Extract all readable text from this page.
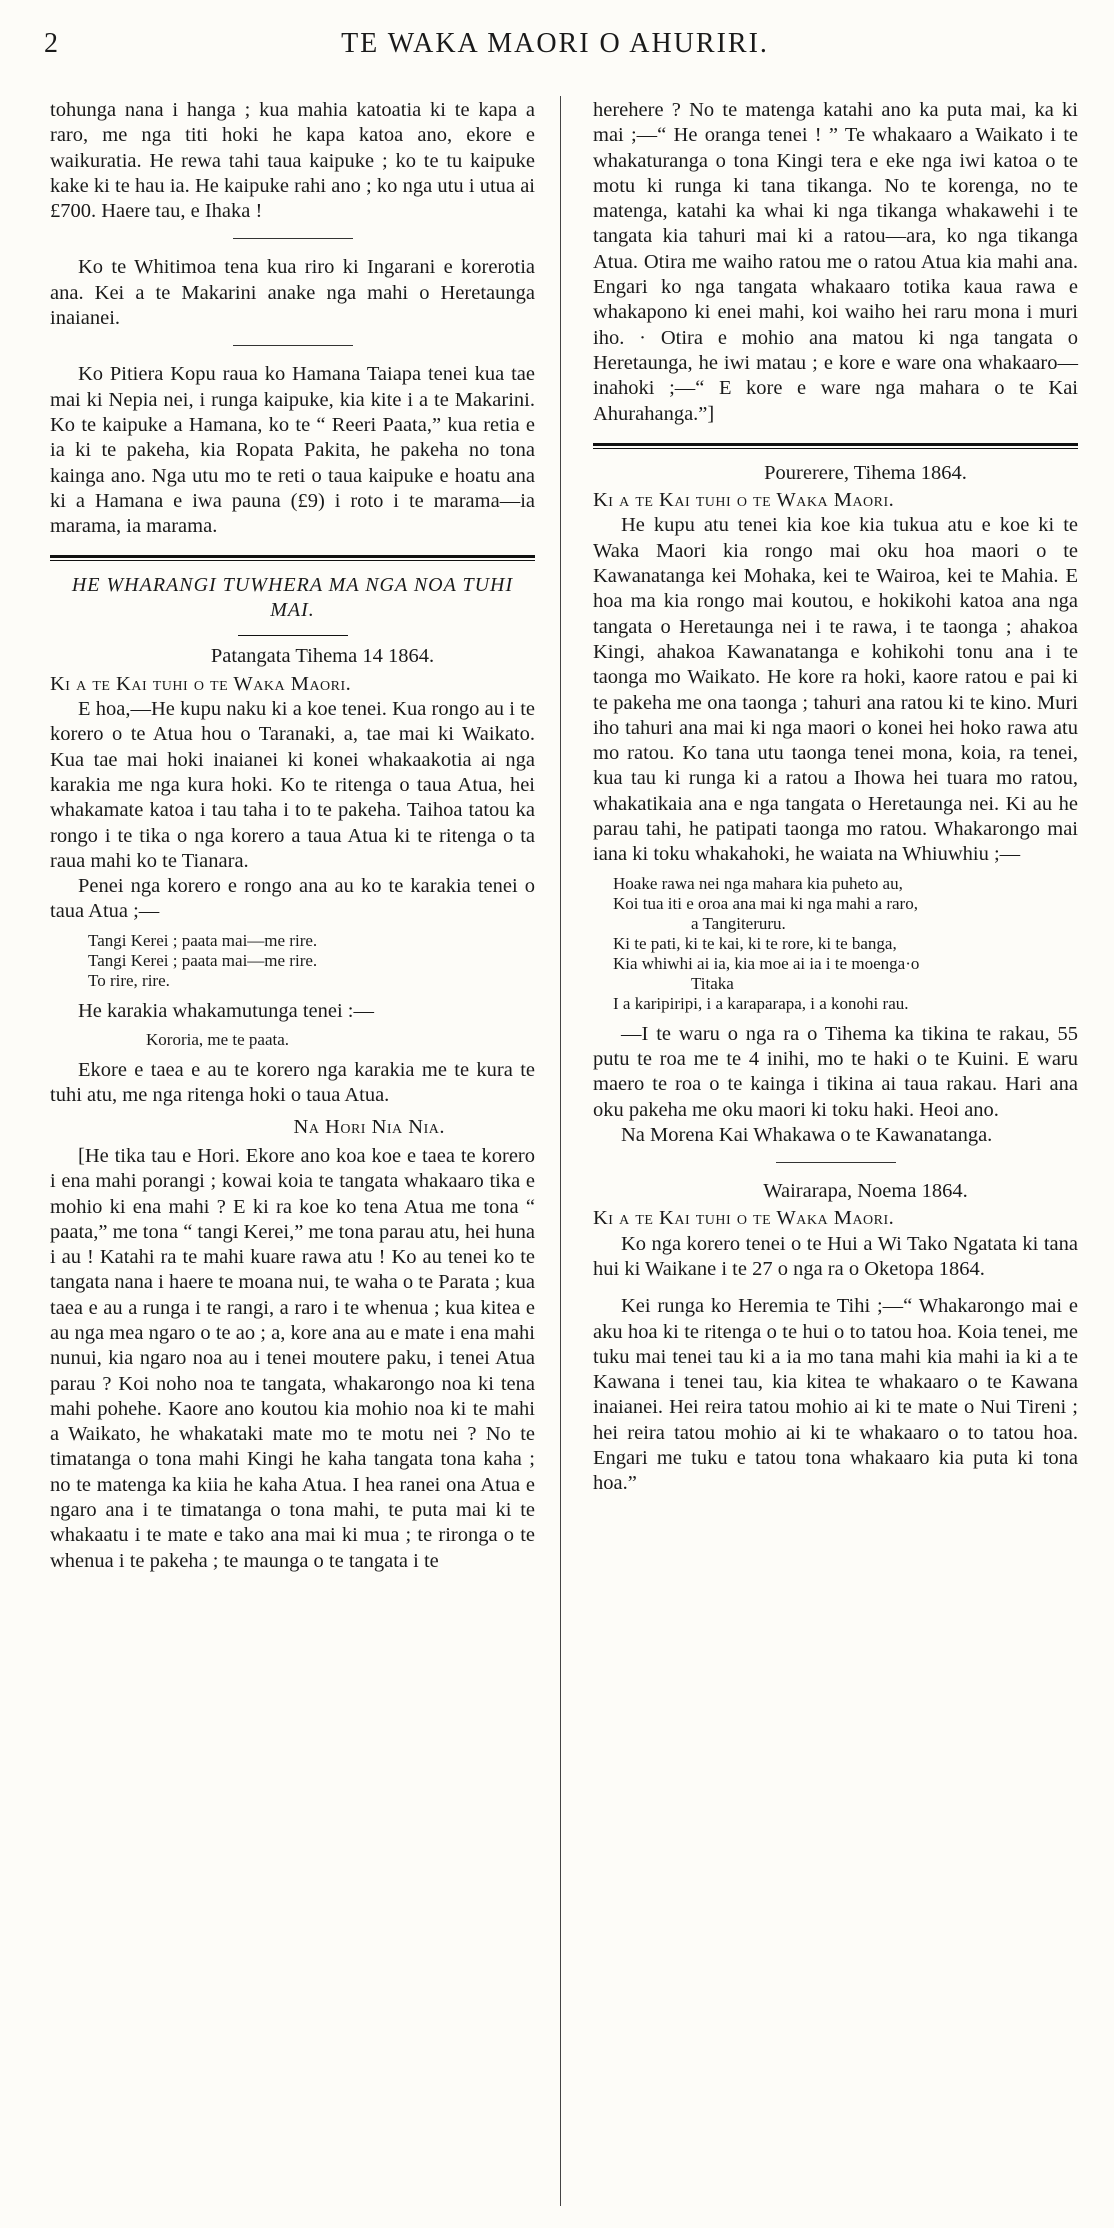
2	TE WAKA MAORI O AHURIRI.

tohunga nana i hanga ; kua mahia katoatia ki te kapa a raro, me nga titi hoki he kapa katoa ano, ekore e waikuratia. He rewa tahi taua kaipuke ; ko te tu kaipuke kake ki te hau ia. He kaipuke rahi ano ; ko nga utu i utua ai £700. Haere tau, e Ihaka !

Ko te Whitimoa tena kua riro ki Ingarani e korerotia ana. Kei a te Makarini anake nga mahi o Heretaunga inaianei.

Ko Pitiera Kopu raua ko Hamana Taiapa tenei kua tae mai ki Nepia nei, i runga kaipuke, kia kite i a te Makarini. Ko te kaipuke a Hamana, ko te “ Reeri Paata,” kua retia e ia ki te pakeha, kia Ropata Pakita, he pakeha no tona kainga ano. Nga utu mo te reti o taua kaipuke e hoatu ana ki a Hamana e iwa pauna (£9) i roto i te marama—ia marama, ia marama.

HE WHARANGI TUWHERA MA NGA NOA TUHI MAI.
Patangata Tihema 14 1864.
Ki a te Kai tuhi o te Waka Maori.

E hoa,—He kupu naku ki a koe tenei. Kua rongo au i te korero o te Atua hou o Taranaki, a, tae mai ki Waikato. Kua tae mai hoki inaianei ki konei whakaakotia ai nga karakia me nga kura hoki. Ko te ritenga o taua Atua, hei whakamate katoa i tau taha i to te pakeha. Taihoa tatou ka rongo i te tika o nga korero a taua Atua ki te ritenga o ta raua mahi ko te Tianara.

Penei nga korero e rongo ana au ko te karakia tenei o taua Atua ;—

Tangi Kerei ; paata mai—me rire.
Tangi Kerei ; paata mai—me rire.
To rire, rire.

He karakia whakamutunga tenei :—

Kororia, me te paata.

Ekore e taea e au te korero nga karakia me te kura te tuhi atu, me nga ritenga hoki o taua Atua.

Na Hori Nia Nia.

[He tika tau e Hori. Ekore ano koa koe e taea te korero i ena mahi porangi ; kowai koia te tangata whakaaro tika e mohio ki ena mahi ? E ki ra koe ko tena Atua me tona “ paata,” me tona “ tangi Kerei,” me tona parau atu, hei huna i au ! Katahi ra te mahi kuare rawa atu ! Ko au tenei ko te tangata nana i haere te moana nui, te waha o te Parata ; kua taea e au a runga i te rangi, a raro i te whenua ; kua kitea e au nga mea ngaro o te ao ; a, kore ana au e mate i ena mahi nunui, kia ngaro noa au i tenei moutere paku, i tenei Atua parau ? Koi noho noa te tangata, whakarongo noa ki tena mahi pohehe. Kaore ano koutou kia mohio noa ki te mahi a Waikato, he whakataki mate mo te motu nei ? No te timatanga o tona mahi Kingi he kaha tangata tona kaha ; no te matenga ka kiia he kaha Atua. I hea ranei ona Atua e ngaro ana i te timatanga o tona mahi, te puta mai ki te whakaatu i te mate e tako ana mai ki mua ; te rironga o te whenua i te pakeha ; te maunga o te tangata i te

herehere ? No te matenga katahi ano ka puta mai, ka ki mai ;—“ He oranga tenei ! ” Te whakaaro a Waikato i te whakaturanga o tona Kingi tera e eke nga iwi katoa o te motu ki runga ki tana tikanga. No te korenga, no te matenga, katahi ka whai ki nga tikanga whakawehi i te tangata kia tahuri mai ki a ratou—ara, ko nga tikanga Atua. Otira me waiho ratou me o ratou Atua kia mahi ana. Engari ko nga tangata whakaaro totika kaua rawa e whakapono ki enei mahi, koi waiho hei raru mona i muri iho. · Otira e mohio ana matou ki nga tangata o Heretaunga, he iwi matau ; e kore e ware ona whakaaro—inahoki ;—“ E kore e ware nga mahara o te Kai Ahurahanga.”]

Pourerere, Tihema 1864.
Ki a te Kai tuhi o te Waka Maori.

He kupu atu tenei kia koe kia tukua atu e koe ki te Waka Maori kia rongo mai oku hoa maori o te Kawanatanga kei Mohaka, kei te Wairoa, kei te Mahia. E hoa ma kia rongo mai koutou, e hokikohi katoa ana nga tangata o Heretaunga nei i te rawa, i te taonga ; ahakoa Kingi, ahakoa Kawanatanga e kohikohi tonu ana i te taonga mo Waikato. He kore ra hoki, kaore ratou e pai ki te pakeha me ona taonga ; tahuri ana ratou ki te kino. Muri iho tahuri ana mai ki nga maori o konei hei hoko rawa atu mo ratou. Ko tana utu taonga tenei mona, koia, ra tenei, kua tau ki runga ki a ratou a Ihowa hei tuara mo ratou, whakatikaia ana e nga tangata o Heretaunga nei. Ki au he parau tahi, he patipati taonga mo ratou. Whakarongo mai iana ki toku whakahoki, he waiata na Whiuwhiu ;—

Hoake rawa nei nga mahara kia puheto au,
Koi tua iti e oroa ana mai ki nga mahi a raro,
a Tangiteruru.
Ki te pati, ki te kai, ki te rore, ki te banga,
Kia whiwhi ai ia, kia moe ai ia i te moenga·o
Titaka
I a karipiripi, i a karaparapa, i a konohi rau.

—I te waru o nga ra o Tihema ka tikina te rakau, 55 putu te roa me te 4 inihi, mo te haki o te Kuini. E waru maero te roa o te kainga i tikina ai taua rakau. Hari ana oku pakeha me oku maori ki toku haki. Heoi ano.

Na Morena Kai Whakawa o te Kawanatanga.

Wairarapa, Noema 1864.
Ki a te Kai tuhi o te Waka Maori.

Ko nga korero tenei o te Hui a Wi Tako Ngatata ki tana hui ki Waikane i te 27 o nga ra o Oketopa 1864.

Kei runga ko Heremia te Tihi ;—“ Whakarongo mai e aku hoa ki te ritenga o te hui o to tatou hoa. Koia tenei, me tuku mai tenei tau ki a ia mo tana mahi kia mahi ia ki a te Kawana i tenei tau, kia kitea te whakaaro o te Kawana inaianei. Hei reira tatou mohio ai ki te mate o Nui Tireni ; hei reira tatou mohio ai ki te whakaaro o to tatou hoa. Engari me tuku e tatou tona whakaaro kia puta ki tona hoa.”
